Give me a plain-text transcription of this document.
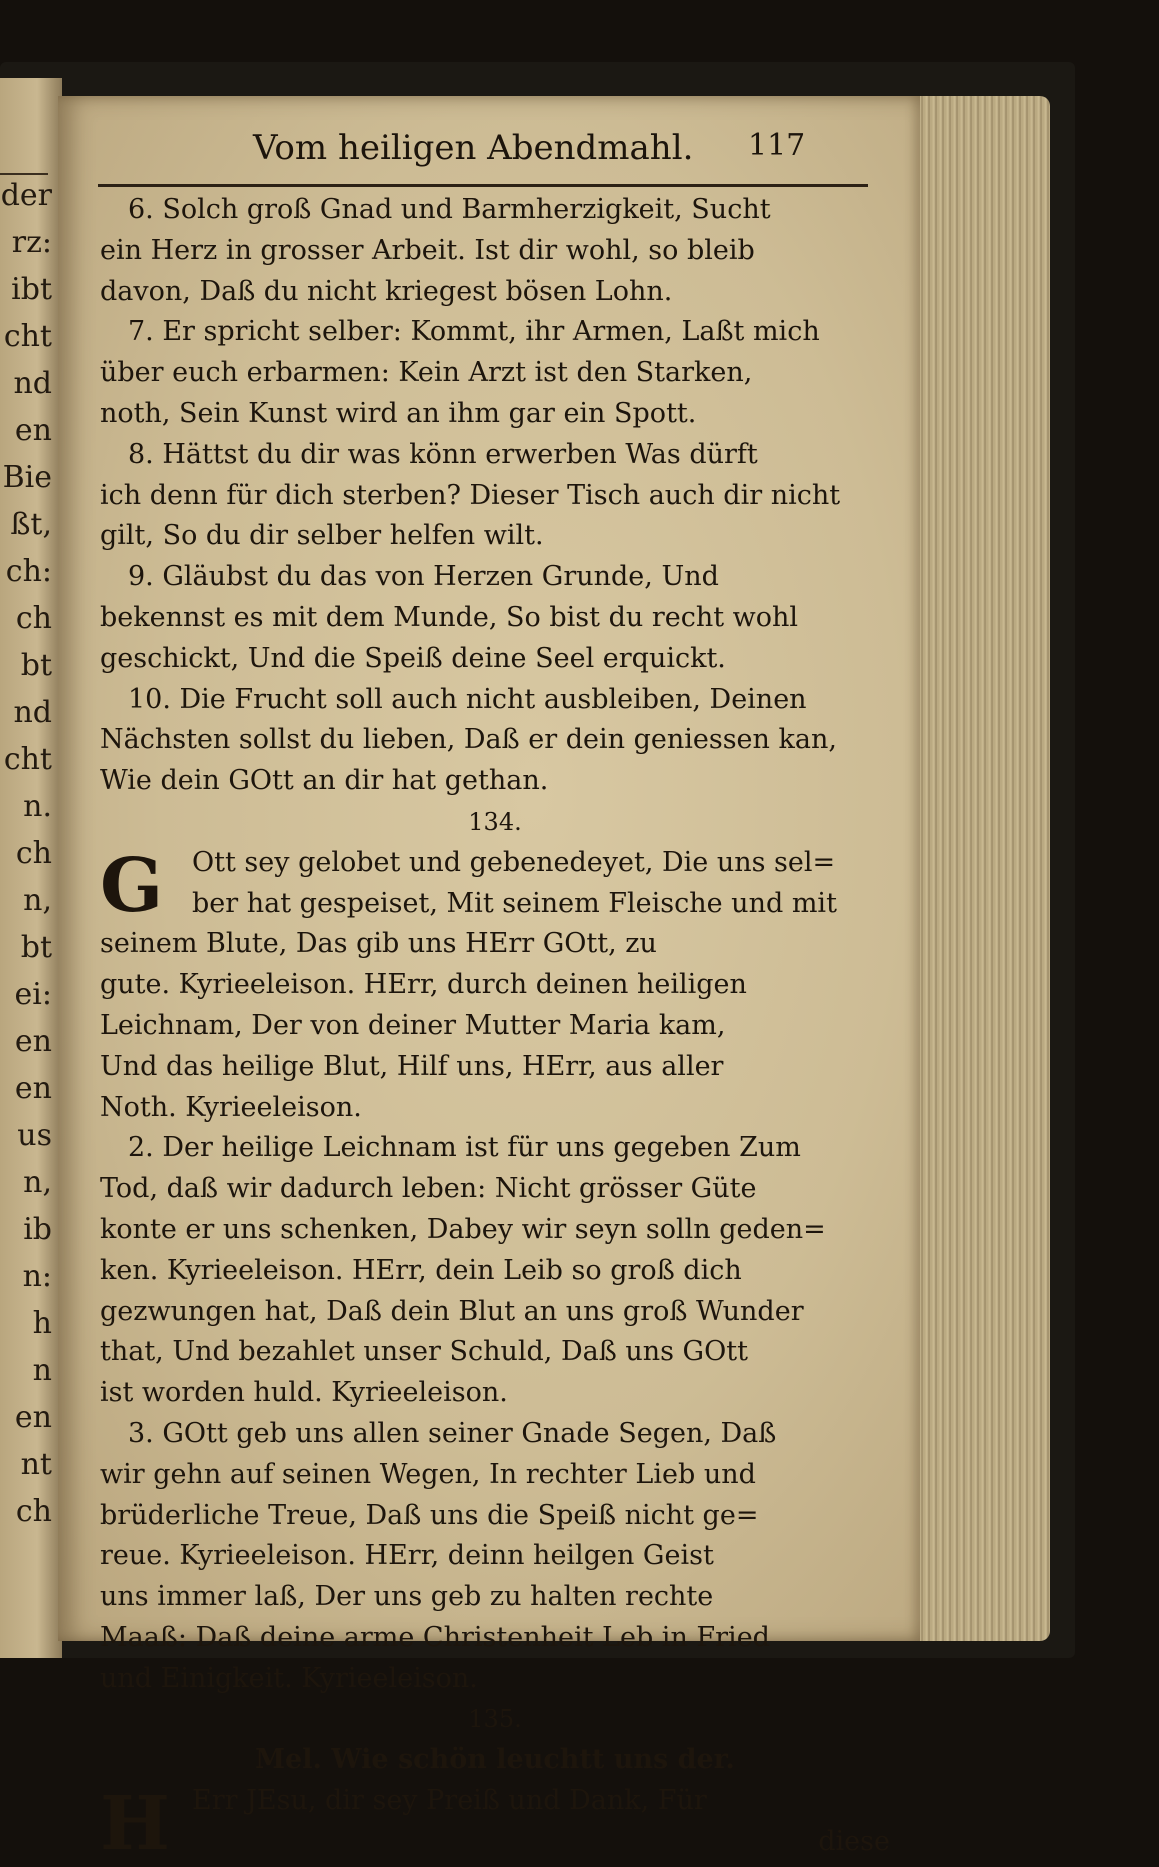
der
rz:
ibt
cht
nd
en
Bie
ßt,
ch:
ch
bt
nd
cht
n.
ch
n,
bt
ei:
en
en
us
n,
ib
n:
h
n
en
nt
ch
Vom heiligen Abendmahl.	117
6. Solch groß Gnad und Barmherzigkeit, Sucht
ein Herz in grosser Arbeit. Ist dir wohl, so bleib
davon, Daß du nicht kriegest bösen Lohn.
7. Er spricht selber: Kommt, ihr Armen, Laßt mich
über euch erbarmen: Kein Arzt ist den Starken,
noth, Sein Kunst wird an ihm gar ein Spott.
8. Hättst du dir was könn erwerben Was dürft
ich denn für dich sterben? Dieser Tisch auch dir nicht
gilt, So du dir selber helfen wilt.
9. Gläubst du das von Herzen Grunde, Und
bekennst es mit dem Munde, So bist du recht wohl
geschickt, Und die Speiß deine Seel erquickt.
10. Die Frucht soll auch nicht ausbleiben, Deinen
Nächsten sollst du lieben, Daß er dein geniessen kan,
Wie dein GOtt an dir hat gethan.
134.
G	Ott sey gelobet und gebenedeyet, Die uns sel=
ber hat gespeiset, Mit seinem Fleische und mit
seinem Blute, Das gib uns HErr GOtt, zu
gute. Kyrieeleison. HErr, durch deinen heiligen
Leichnam, Der von deiner Mutter Maria kam,
Und das heilige Blut, Hilf uns, HErr, aus aller
Noth. Kyrieeleison.
2. Der heilige Leichnam ist für uns gegeben Zum
Tod, daß wir dadurch leben: Nicht grösser Güte
konte er uns schenken, Dabey wir seyn solln geden=
ken. Kyrieeleison. HErr, dein Leib so groß dich
gezwungen hat, Daß dein Blut an uns groß Wunder
that, Und bezahlet unser Schuld, Daß uns GOtt
ist worden huld. Kyrieeleison.
3. GOtt geb uns allen seiner Gnade Segen, Daß
wir gehn auf seinen Wegen, In rechter Lieb und
brüderliche Treue, Daß uns die Speiß nicht ge=
reue. Kyrieeleison. HErr, deinn heilgen Geist
uns immer laß, Der uns geb zu halten rechte
Maaß: Daß deine arme Christenheit Leb in Fried
und Einigkeit. Kyrieeleison.
135.
Mel. Wie schön leuchtt uns der.
H Err JEsu, dir sey Preiß und Dank, Für
diese
